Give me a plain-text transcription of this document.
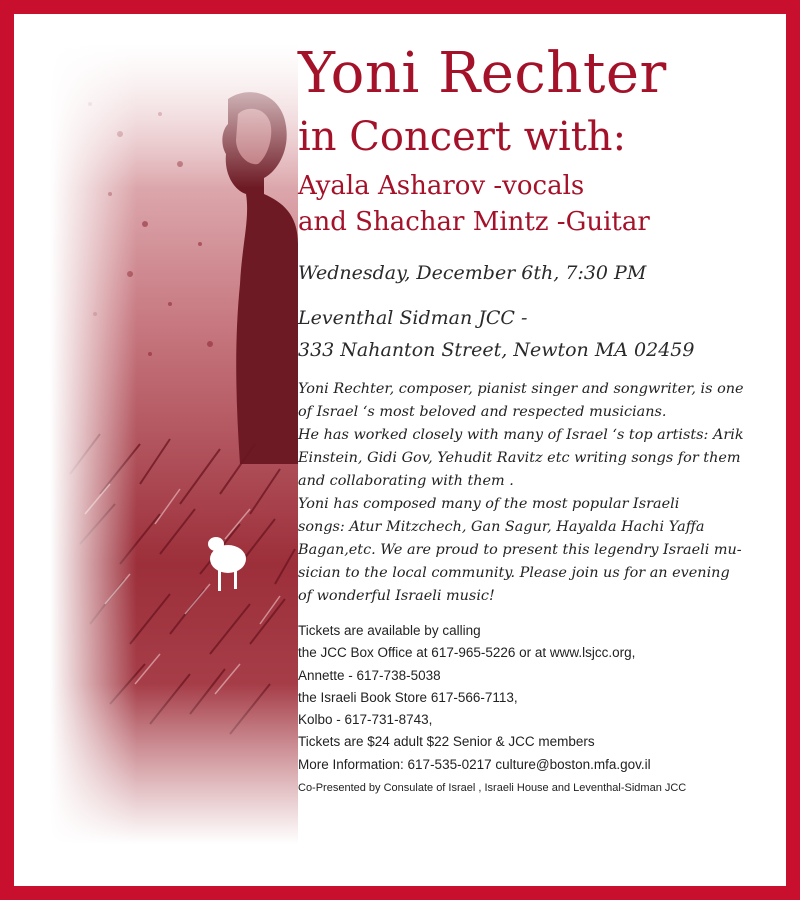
Yoni Rechter
in Concert with:

Ayala Asharov -vocals

and Shachar Mintz -Guitar

Wednesday, December 6th, 7:30 PM

Leventhal Sidman JCC -
333 Nahanton Street, Newton MA 02459
Yoni Rechter, composer, pianist singer and songwriter, is one
of Israel ‘s most beloved and respected musicians.
He has worked closely with many of Israel ‘s top artists: Arik
Einstein, Gidi Gov, Yehudit Ravitz etc writing songs for them
and collaborating with them .
Yoni has composed many of the most popular Israeli
songs: Atur Mitzchech, Gan Sagur, Hayalda Hachi Yaffa
Bagan,etc. We are proud to present this legendry Israeli mu-
sician to the local community. Please join us for an evening
of wonderful Israeli music!
Tickets are available by calling
the JCC Box Office at 617-965-5226 or at www.lsjcc.org,
Annette - 617-738-5038
the Israeli Book Store 617-566-7113,
Kolbo - 617-731-8743,
Tickets are $24 adult $22 Senior & JCC members
More Information: 617-535-0217 culture@boston.mfa.gov.il

Co-Presented by Consulate of Israel , Israeli House and Leventhal-Sidman JCC
